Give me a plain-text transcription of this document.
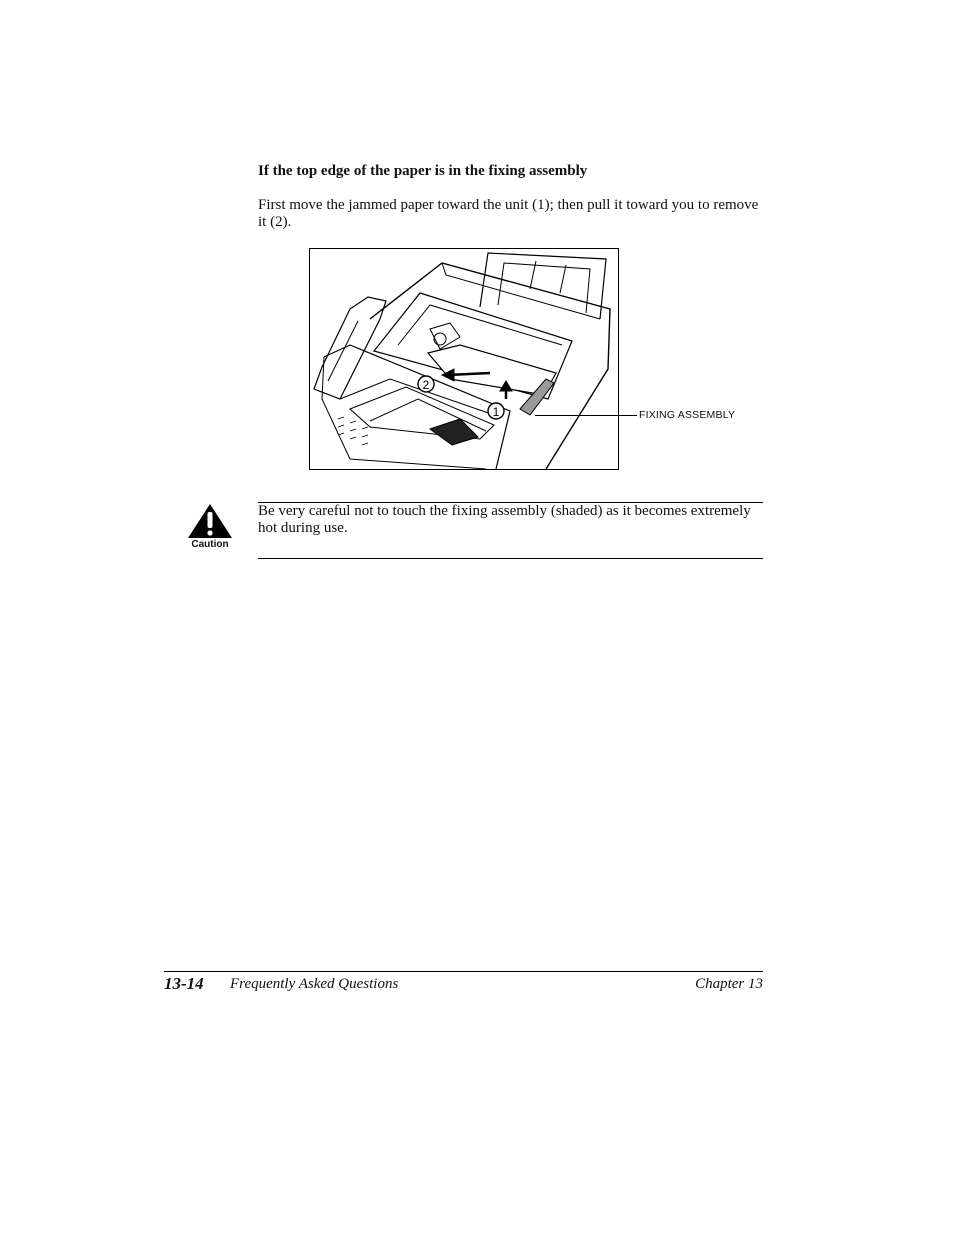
If the top edge of the paper is in the fixing assembly

First move the jammed paper toward the unit (1); then pull it toward you to remove it (2).

2
1	FIXING ASSEMBLY
Caution

Be very careful not to touch the fixing assembly (shaded) as it becomes extremely hot during use.

13-14 Frequently Asked Questions	Chapter 13
